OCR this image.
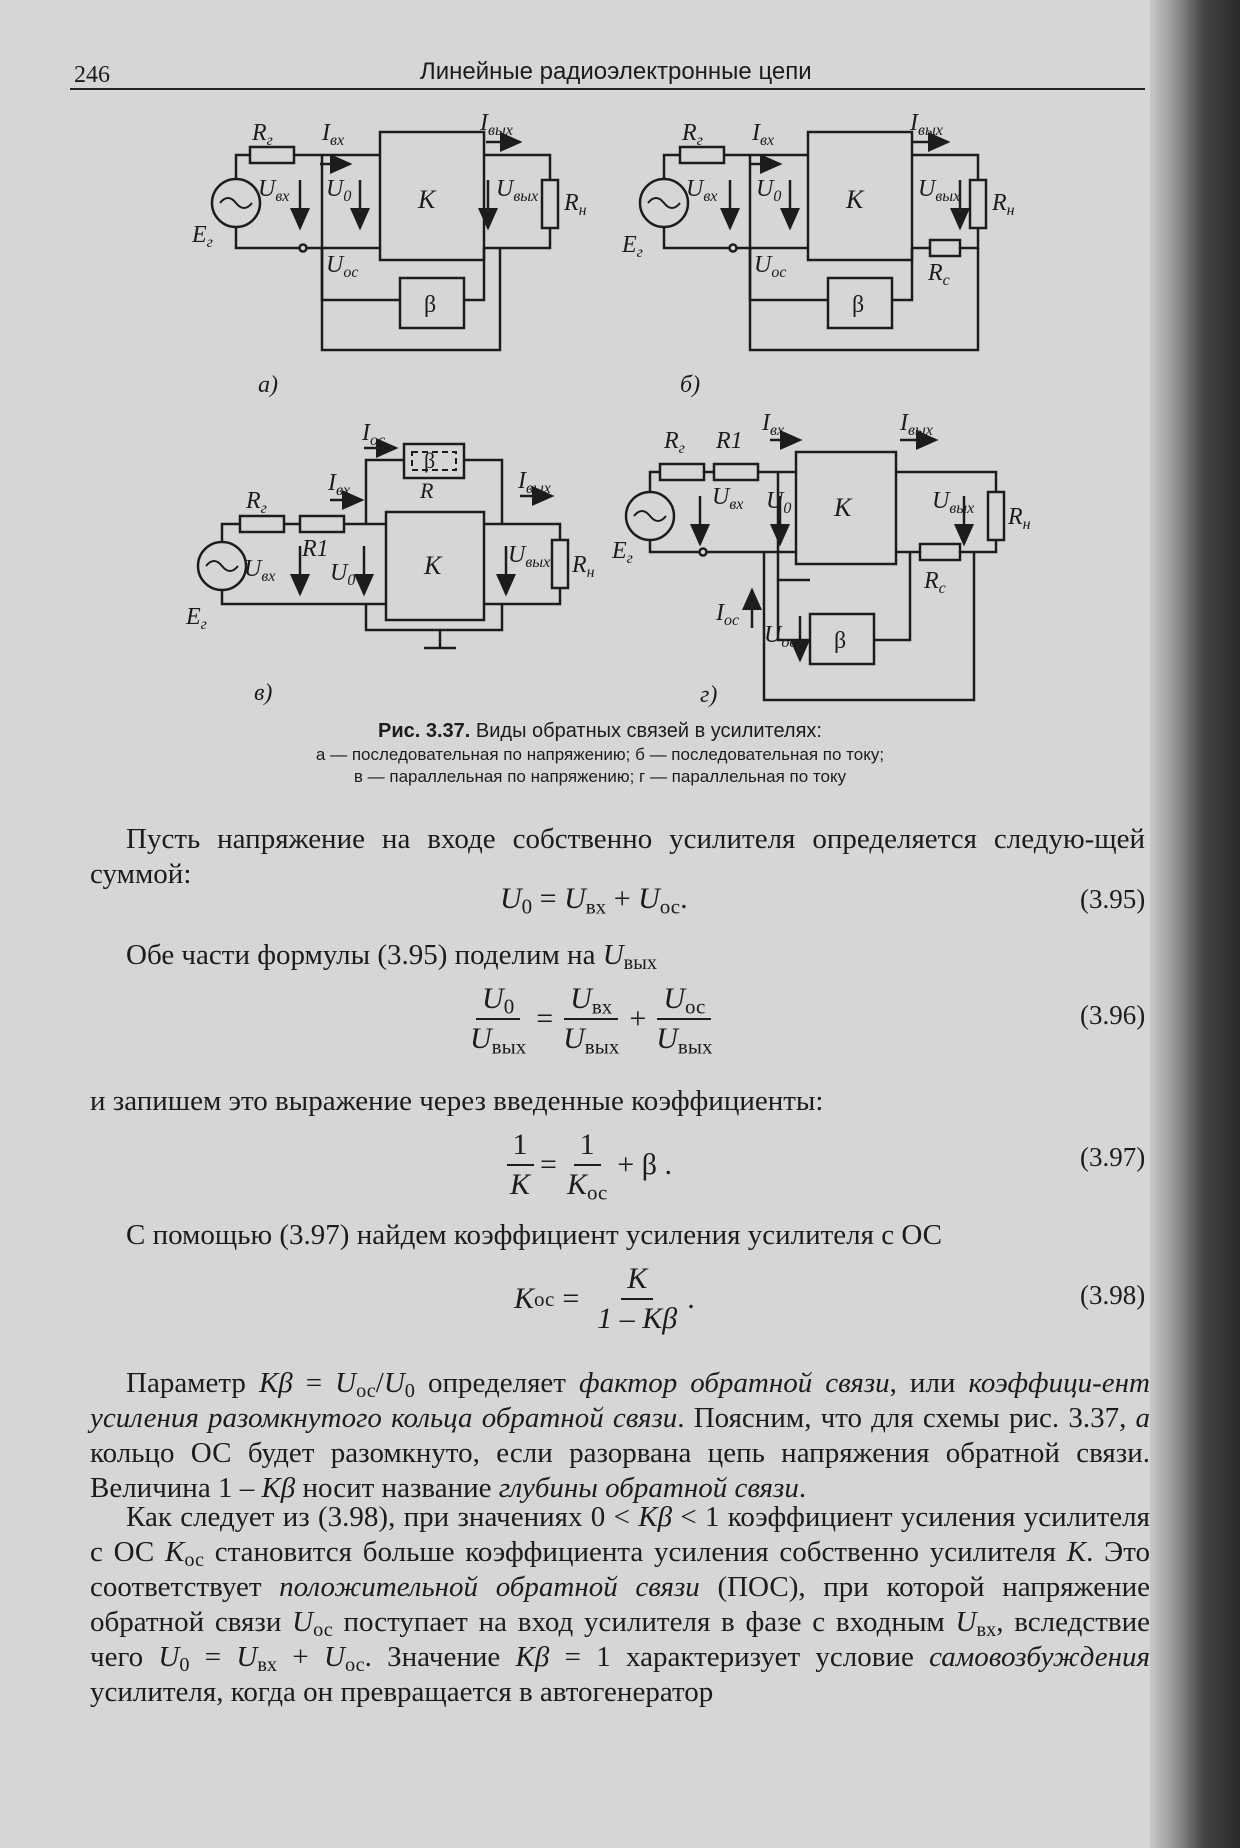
246	Линейные радиоэлектронные цепи
$R_г$ $I_{вх}$
$I_{вых}$
$U_{вх}$ $U_0$	$U_{вых}$ $R_н$
$E_г$
$U_{ос}$
K
β
а)
$R_г$ $I_{вх}$
$I_{вых}$
$U_{вх}$ $U_0$	$U_{вых}$ $R_н$
$R_с$
$E_г$	$U_{ос}$
K
β
б)
$I_{ос}$
β
R
$R_г$
$I_{вх}$	$I_{вых}$
R1
$U_{вх}$ $U_0$
$U_{вых}$ $R_н$
$E_г$
K
в)
$R_г$ R1
$I_{вх}$	$I_{вых}$
$U_{вх}$ $U_0$	$U_{вых}$ $R_н$
$R_с$
$E_г$
$I_{ос}$
$U_{ос}$
K
β
г)
Рис. 3.37. Виды обратных связей в усилителях:
а — последовательная по напряжению; б — последовательная по току;
в — параллельная по напряжению; г — параллельная по току
Пусть напряжение на входе собственно усилителя определяется следую-щей суммой:
$U_0 = U_{вх} + U_{ос}$.	(3.95)
Обе части формулы (3.95) поделим на $U_{вых}$
$\frac{U_0}{U_{вых}} = \frac{U_{вх}}{U_{вых}} + \frac{U_{ос}}{U_{вых}}$	(3.96)
и запишем это выражение через введенные коэффициенты:
$\frac{1}{K} = \frac{1}{K_{ос}} + \beta$ .	(3.97)
С помощью (3.97) найдем коэффициент усиления усилителя с ОС
K ос = $\frac{K}{1 - K\beta}$ .	(3.98)
Параметр $K\beta = U_{ос}/U_0$ определяет фактор обратной связи, или коэффици-ент усиления разомкнутого кольца обратной связи. Поясним, что для схемы рис. 3.37, а кольцо ОС будет разомкнуто, если разорвана цепь напряжения обратной связи. Величина 1 – Kβ носит название глубины обратной связи.
Как следует из (3.98), при значениях 0 < Kβ < 1 коэффициент усиления усилителя с ОС $K_{ос}$ становится больше коэффициента усиления собственно усилителя K. Это соответствует положительной обратной связи (ПОС), при которой напряжение обратной связи $U_{ос}$ поступает на вход усилителя в фазе с входным $U_{вх}$, вследствие чего $U_0 = U_{вх} + U_{ос}$. Значение Kβ = 1 характеризует условие самовозбуждения усилителя, когда он превращается в автогенератор
